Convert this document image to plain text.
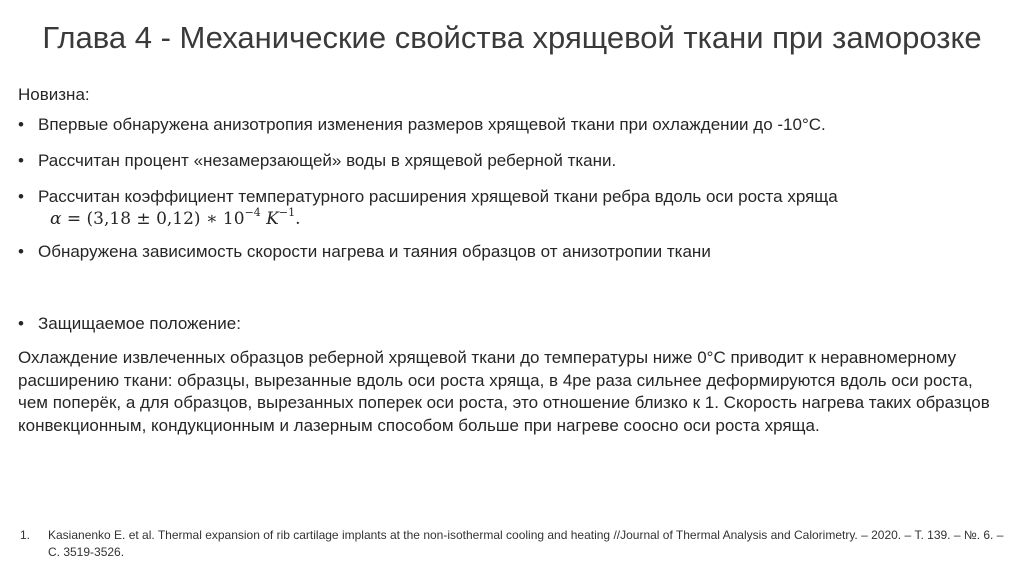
Глава 4 - Механические свойства хрящевой ткани при заморозке
Новизна:
• Впервые обнаружена анизотропия изменения размеров хрящевой ткани при охлаждении до -10°C.
• Рассчитан процент «незамерзающей» воды в хрящевой реберной ткани.
• Рассчитан коэффициент температурного расширения хрящевой ткани ребра вдоль оси роста хряща
α = (3,18 ± 0,12) ∗ $10^{-4}$ $K^{-1}$.
• Обнаружена зависимость скорости нагрева и таяния образцов от анизотропии ткани
• Защищаемое положение:
Охлаждение извлеченных образцов реберной хрящевой ткани до температуры ниже 0°С приводит к неравномерному расширению ткани: образцы, вырезанные вдоль оси роста хряща, в 4ре раза сильнее деформируются вдоль оси роста, чем поперёк, а для образцов, вырезанных поперек оси роста, это отношение близко к 1. Скорость нагрева таких образцов конвекционным, кондукционным и лазерным способом больше при нагреве соосно оси роста хряща.
1. Kasianenko E. et al. Thermal expansion of rib cartilage implants at the non-isothermal cooling and heating //Journal of Thermal Analysis and Calorimetry. – 2020. – Т. 139. – №. 6. – С. 3519-3526.
